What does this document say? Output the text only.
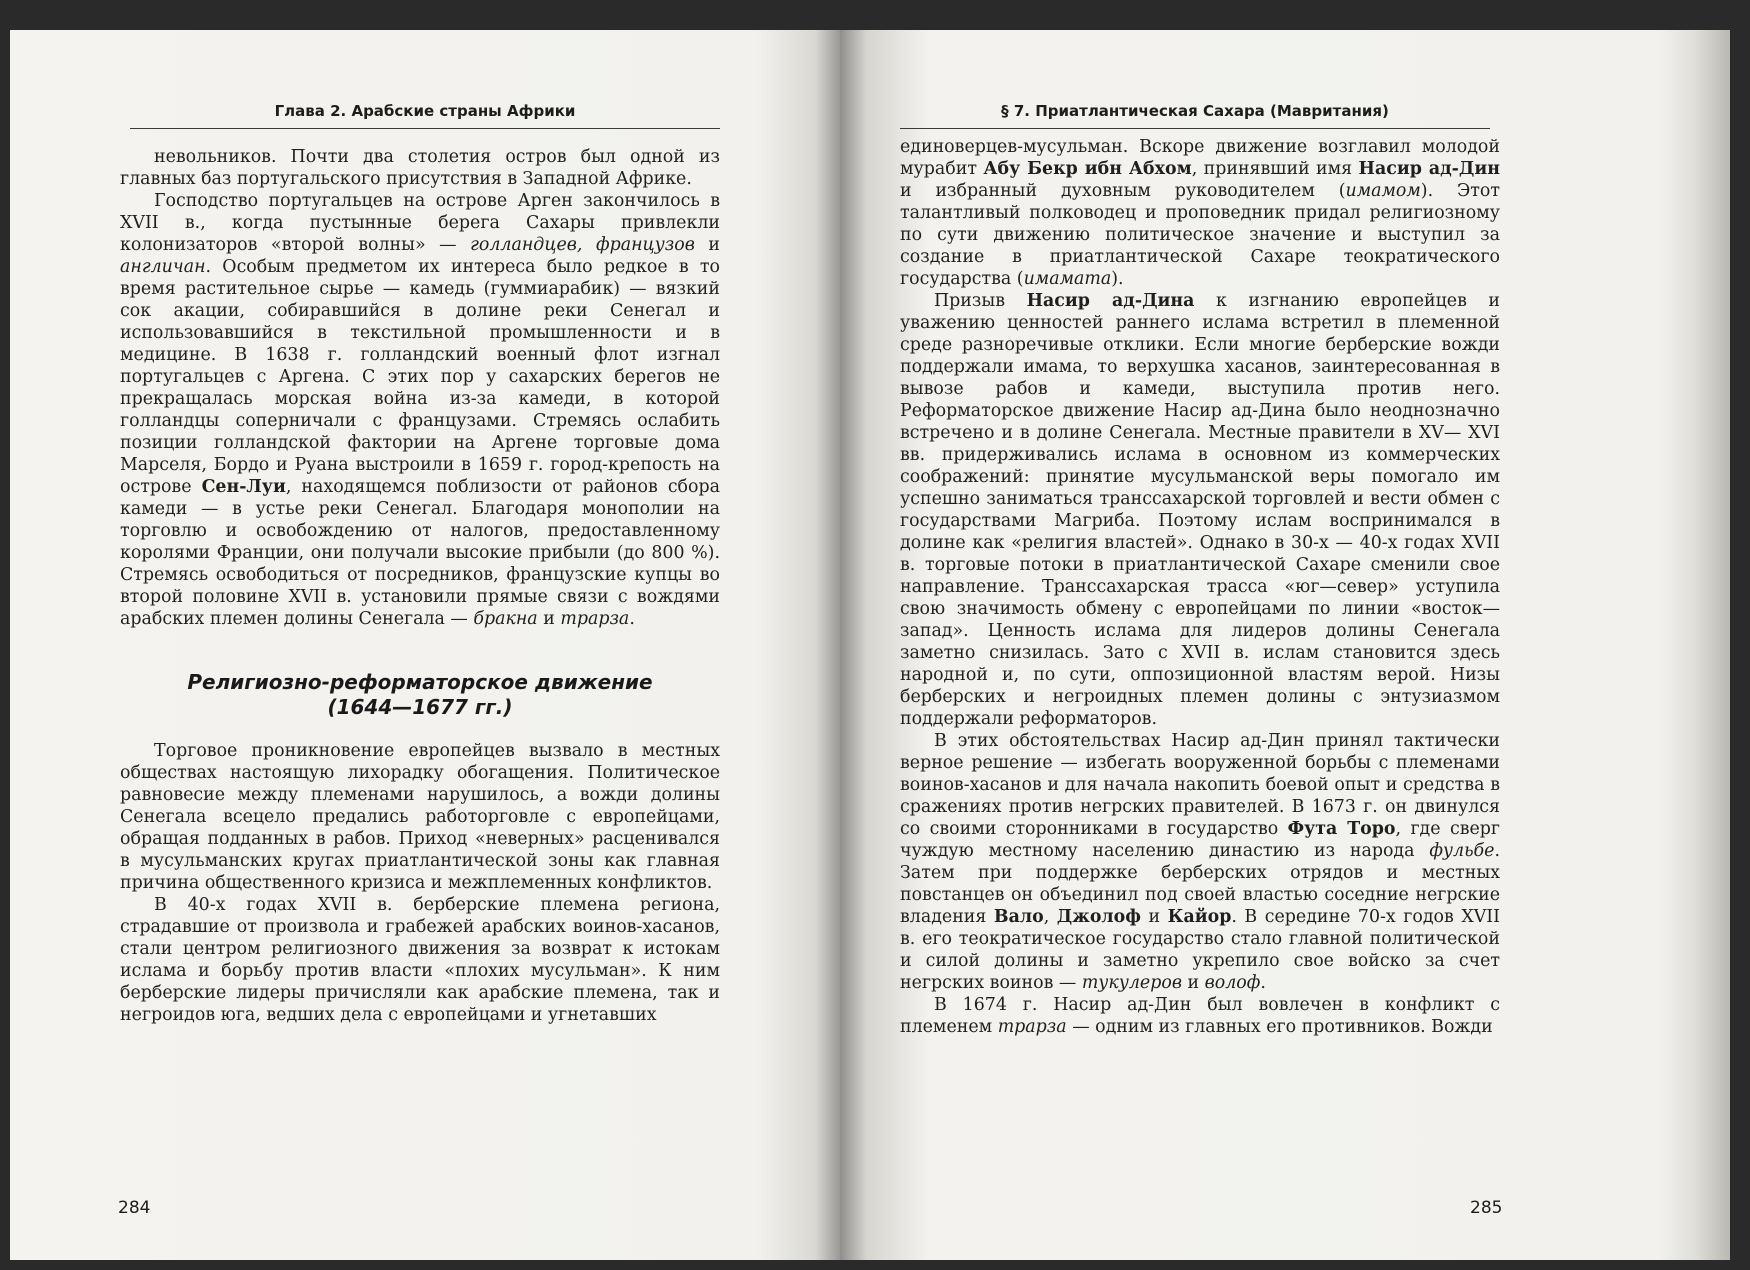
Глава 2. Арабские страны Африки

невольников. Почти два столетия остров был одной из главных баз португальского присутствия в Западной Африке.

Господство португальцев на острове Арген закончилось в XVII в., когда пустынные берега Сахары привлекли колонизаторов «второй волны» — голландцев, французов и англичан. Особым предметом их интереса было редкое в то время растительное сырье — камедь (гуммиарабик) — вязкий сок акации, собиравшийся в долине реки Сенегал и использовавшийся в текстильной промышленности и в медицине. В 1638 г. голландский военный флот изгнал португальцев с Аргена. С этих пор у сахарских берегов не прекращалась морская война из-за камеди, в которой голландцы соперничали с французами. Стремясь ослабить позиции голландской фактории на Аргене торговые дома Марселя, Бордо и Руана выстроили в 1659 г. город-крепость на острове Сен-Луи, находящемся поблизости от районов сбора камеди — в устье реки Сенегал. Благодаря монополии на торговлю и освобождению от налогов, предоставленному королями Франции, они получали высокие прибыли (до 800 %). Стремясь освободиться от посредников, французские купцы во второй половине XVII в. установили прямые связи с вождями арабских племен долины Сенегала — бракна и трарза.

Религиозно-реформаторское движение
(1644—1677 гг.)

Торговое проникновение европейцев вызвало в местных обществах настоящую лихорадку обогащения. Политическое равновесие между племенами нарушилось, а вожди долины Сенегала всецело предались работорговле с европейцами, обращая подданных в рабов. Приход «неверных» расценивался в мусульманских кругах приатлантической зоны как главная причина общественного кризиса и межплеменных конфликтов.

В 40-х годах XVII в. берберские племена региона, страдавшие от произвола и грабежей арабских воинов-хасанов, стали центром религиозного движения за возврат к истокам ислама и борьбу против власти «плохих мусульман». К ним берберские лидеры причисляли как арабские племена, так и негроидов юга, ведших дела с европейцами и угнетавших

284
§ 7. Приатлантическая Сахара (Мавритания)

единоверцев-мусульман. Вскоре движение возглавил молодой мурабит Абу Бекр ибн Абхом, принявший имя Насир ад-Дин и избранный духовным руководителем (имамом). Этот талантливый полководец и проповедник придал религиозному по сути движению политическое значение и выступил за создание в приатлантической Сахаре теократического государства (имамата).

Призыв Насир ад-Дина к изгнанию европейцев и уважению ценностей раннего ислама встретил в племенной среде разноречивые отклики. Если многие берберские вожди поддержали имама, то верхушка хасанов, заинтересованная в вывозе рабов и камеди, выступила против него. Реформаторское движение Насир ад-Дина было неоднозначно встречено и в долине Сенегала. Местные правители в XV— XVI вв. придерживались ислама в основном из коммерческих соображений: принятие мусульманской веры помогало им успешно заниматься транссахарской торговлей и вести обмен с государствами Магриба. Поэтому ислам воспринимался в долине как «религия властей». Однако в 30-х — 40-х годах XVII в. торговые потоки в приатлантической Сахаре сменили свое направление. Транссахарская трасса «юг—север» уступила свою значимость обмену с европейцами по линии «восток—запад». Ценность ислама для лидеров долины Сенегала заметно снизилась. Зато с XVII в. ислам становится здесь народной и, по сути, оппозиционной властям верой. Низы берберских и негроидных племен долины с энтузиазмом поддержали реформаторов.

В этих обстоятельствах Насир ад-Дин принял тактически верное решение — избегать вооруженной борьбы с племенами воинов-хасанов и для начала накопить боевой опыт и средства в сражениях против негрских правителей. В 1673 г. он двинулся со своими сторонниками в государство Фута Торо, где сверг чуждую местному населению династию из народа фульбе. Затем при поддержке берберских отрядов и местных повстанцев он объединил под своей властью соседние негрские владения Вало, Джолоф и Кайор. В середине 70-х годов XVII в. его теократическое государство стало главной политической и силой долины и заметно укрепило свое войско за счет негрских воинов — тукулеров и волоф.

В 1674 г. Насир ад-Дин был вовлечен в конфликт с племенем трарза — одним из главных его противников. Вожди

285
